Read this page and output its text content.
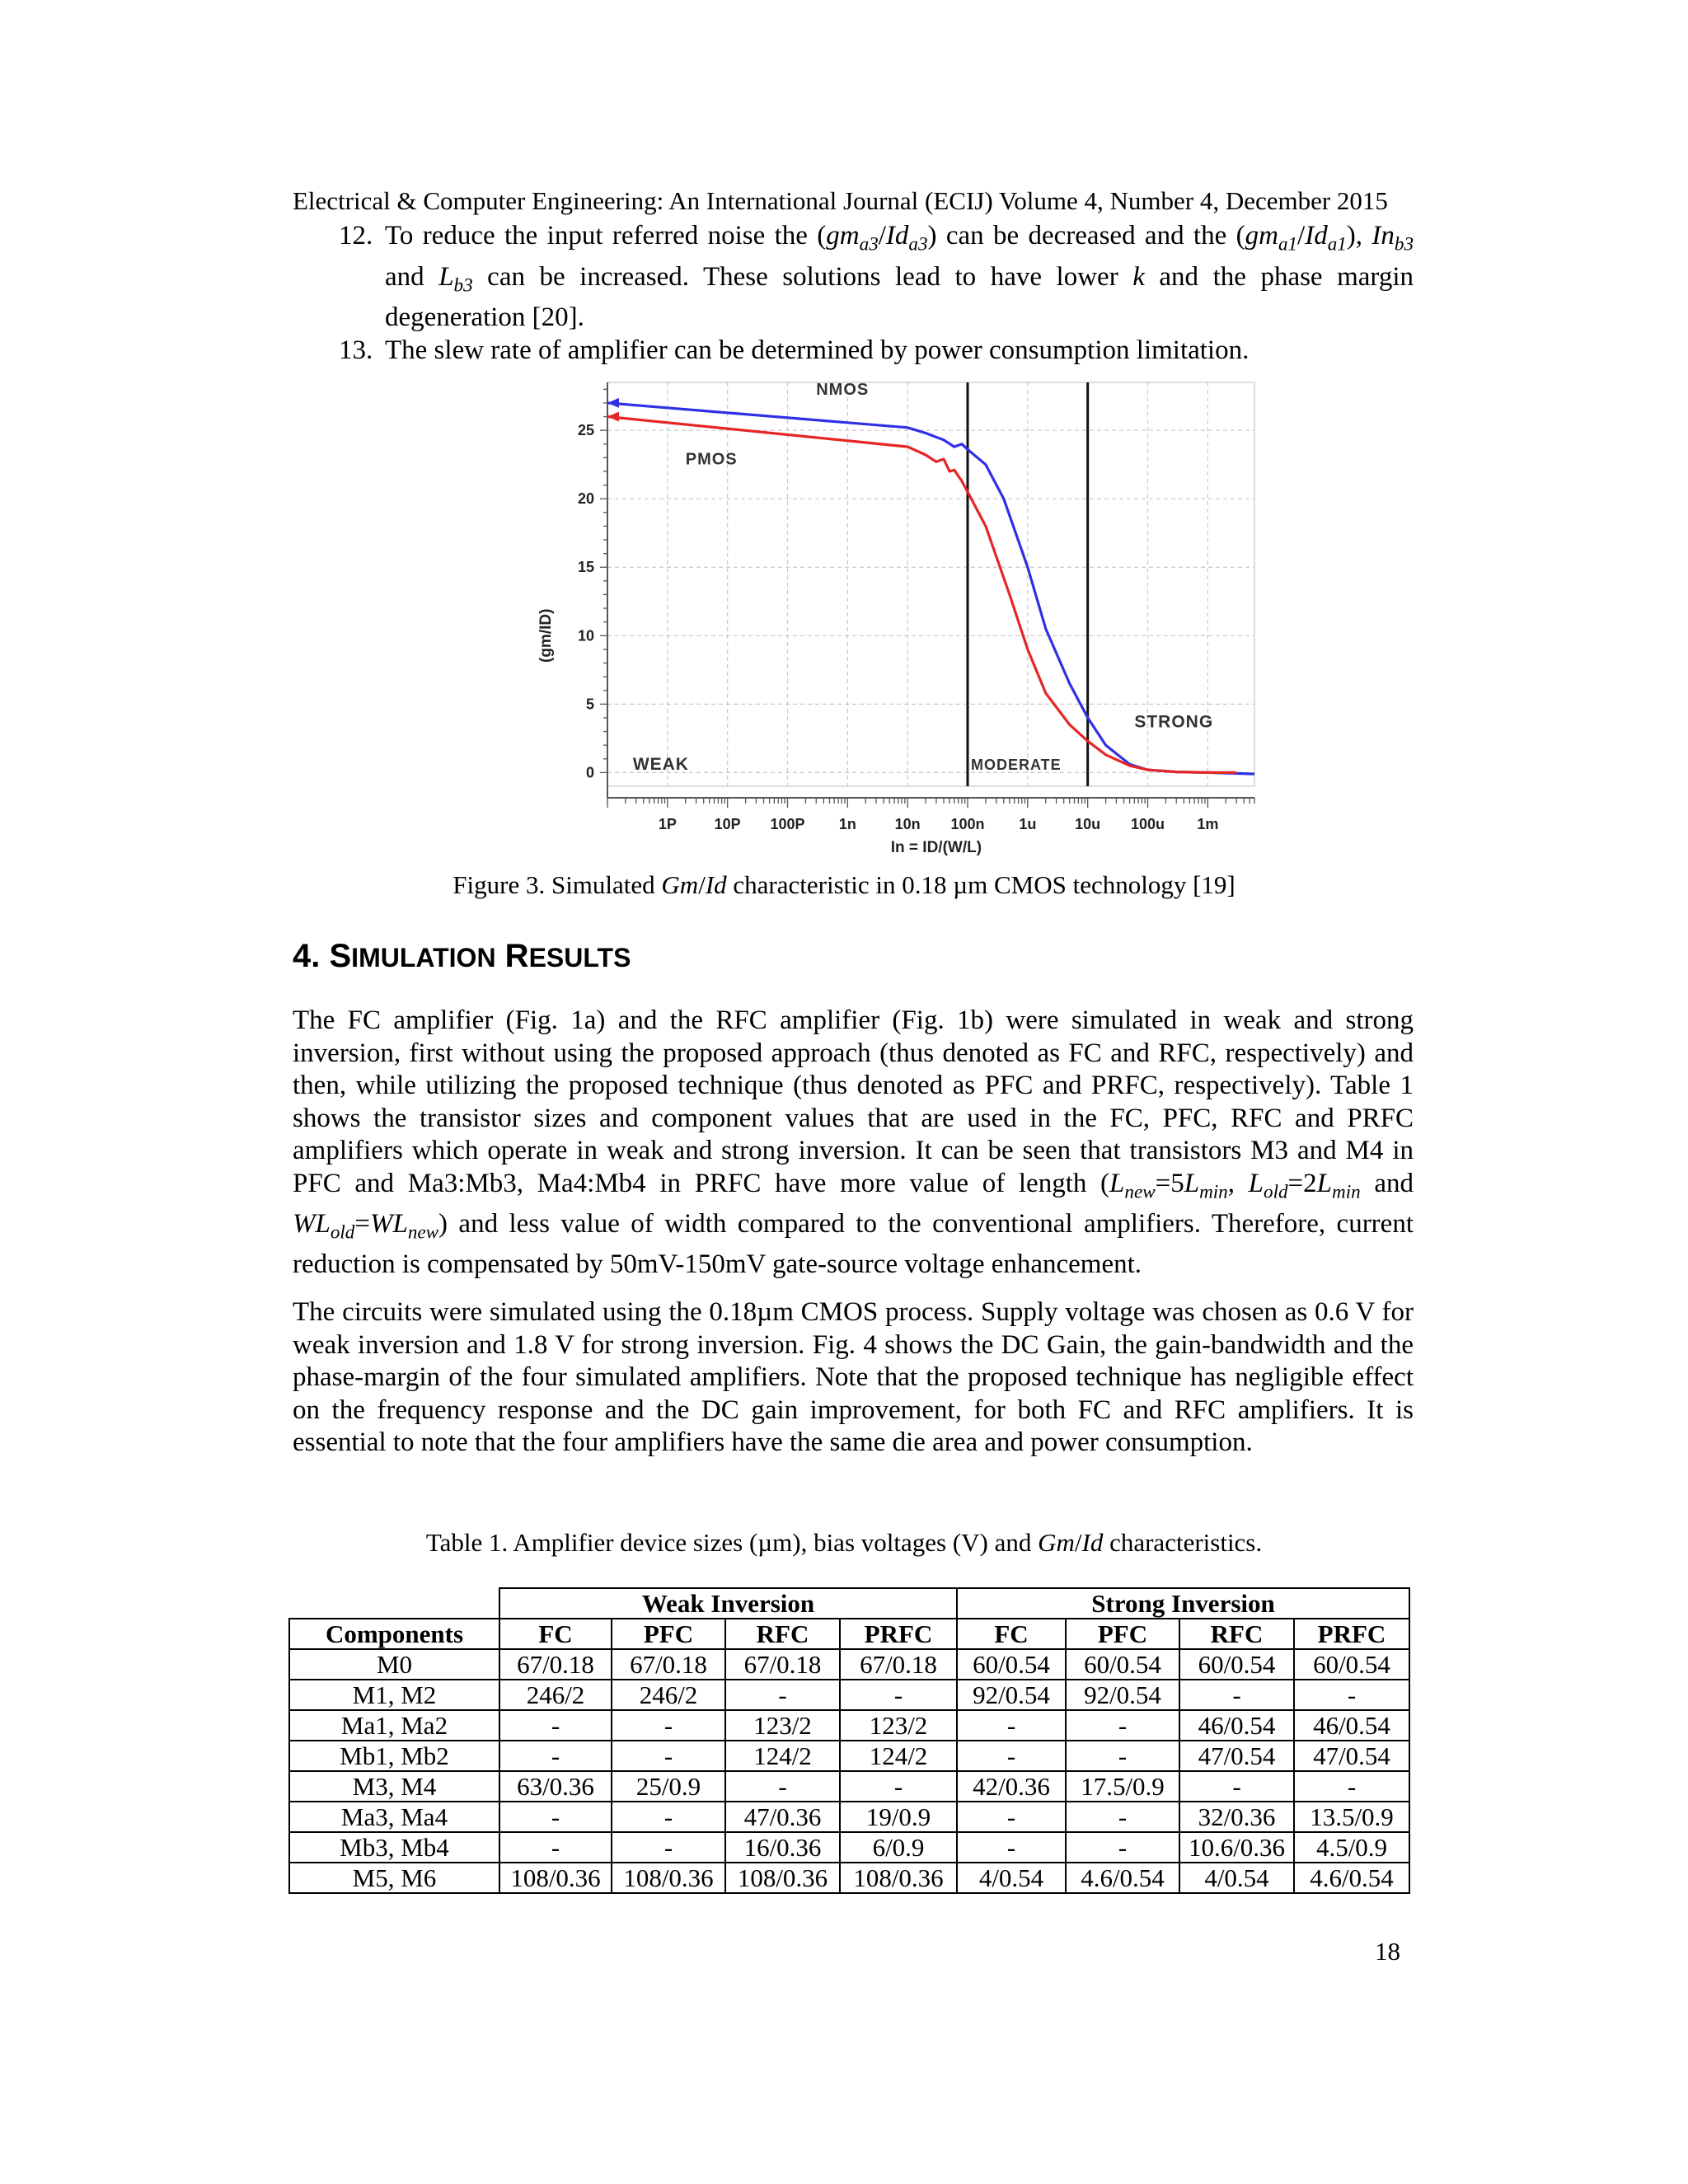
Electrical & Computer Engineering: An International Journal (ECIJ) Volume 4, Number 4, December 2015
12. To reduce the input referred noise the $(gm_{a3}/Id_{a3})$ can be decreased and the $(gm_{a1}/Id_{a1})$, $In_{b3}$ and $L_{b3}$ can be increased. These solutions lead to have lower k and the phase margin degeneration [20].
13. The slew rate of amplifier can be determined by power consumption limitation.
1P	10P 100P 1n	10n 100n 1u	10u 100u 1m
0
5
10
15
20
25
In = ID/(W/L)
(gm/ID)
NMOS
PMOS
WEAK	MODERATE
STRONG
Figure 3. Simulated Gm/Id characteristic in 0.18 µm CMOS technology [19]
4. SIMULATION RESULTS
The FC amplifier (Fig. 1a) and the RFC amplifier (Fig. 1b) were simulated in weak and strong inversion, first without using the proposed approach (thus denoted as FC and RFC, respectively) and then, while utilizing the proposed technique (thus denoted as PFC and PRFC, respectively). Table 1 shows the transistor sizes and component values that are used in the FC, PFC, RFC and PRFC amplifiers which operate in weak and strong inversion. It can be seen that transistors M3 and M4 in PFC and Ma3:Mb3, Ma4:Mb4 in PRFC have more value of length ($L_{new}=5L_{min}$, $L_{old}=2L_{min}$ and $WL_{old}=WL_{new}$) and less value of width compared to the conventional amplifiers. Therefore, current reduction is compensated by 50mV-150mV gate-source voltage enhancement.
The circuits were simulated using the 0.18µm CMOS process. Supply voltage was chosen as 0.6 V for weak inversion and 1.8 V for strong inversion. Fig. 4 shows the DC Gain, the gain-bandwidth and the phase-margin of the four simulated amplifiers. Note that the proposed technique has negligible effect on the frequency response and the DC gain improvement, for both FC and RFC amplifiers. It is essential to note that the four amplifiers have the same die area and power consumption.
Table 1. Amplifier device sizes (µm), bias voltages (V) and Gm/Id characteristics.
	Weak Inversion				Strong Inversion			
Components	FC	PFC	RFC	PRFC	FC	PFC	RFC	PRFC
M0	67/0.18	67/0.18	67/0.18	67/0.18	60/0.54	60/0.54	60/0.54	60/0.54
M1, M2	246/2	246/2	-	-	92/0.54	92/0.54	-	-
Ma1, Ma2	-	-	123/2	123/2	-	-	46/0.54	46/0.54
Mb1, Mb2	-	-	124/2	124/2	-	-	47/0.54	47/0.54
M3, M4	63/0.36	25/0.9	-	-	42/0.36	17.5/0.9	-	-
Ma3, Ma4	-	-	47/0.36	19/0.9	-	-	32/0.36	13.5/0.9
Mb3, Mb4	-	-	16/0.36	6/0.9	-	-	10.6/0.36	4.5/0.9
M5, M6	108/0.36	108/0.36	108/0.36	108/0.36	4/0.54	4.6/0.54	4/0.54	4.6/0.54
18
